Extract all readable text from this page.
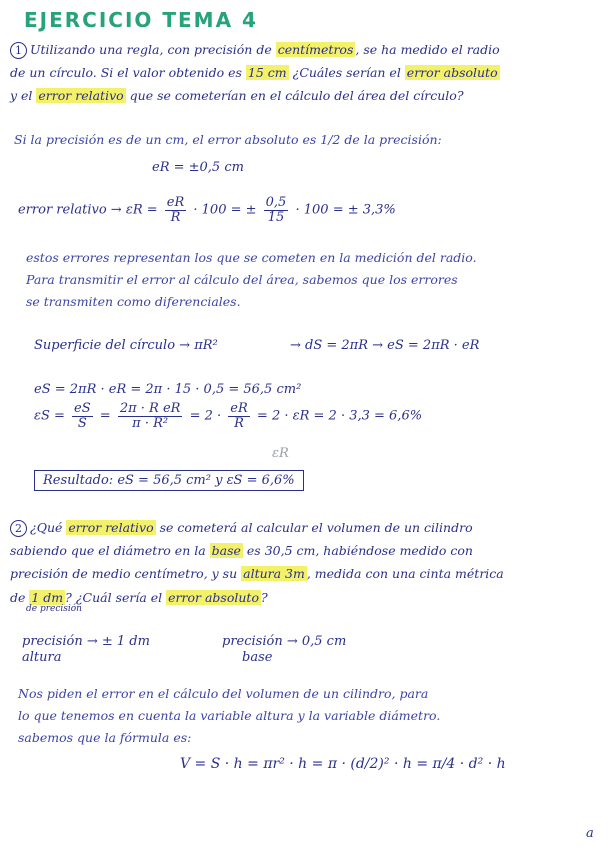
EJERCICIO TEMA 4
1 Utilizando una regla, con precisión de centímetros , se ha medido el radio
de un círculo. Si el valor obtenido es 15 cm ¿Cuáles serían el error absoluto
y el error relativo que se cometerían en el cálculo del área del círculo?
Si la precisión es de un cm, el error absoluto es 1/2 de la precisión:
eR = ±0,5 cm
error relativo → $\varepsilon R = \frac{eR}{R} \cdot 100$ = ± $\frac{0,5}{15} \cdot 100$ = ± 3,3%
estos errores representan los que se cometen en la medición del radio.
Para transmitir el error al cálculo del área, sabemos que los errores
se transmiten como diferenciales.
Superficie del círculo → πR²	→ dS = 2πR → eS = 2πR · eR
eS = 2πR · eR = 2π · 15 · 0,5 = 56,5 cm²
$\varepsilon S = \frac{eS}{S} = \frac{\text{2π · R eR}}{\text{π · R²}} = 2 \cdot \frac{eR}{R} = 2 \cdot \varepsilon R = 2 \cdot 3,3 = 6,6\%$
εR
Resultado: eS = 56,5 cm² y εS = 6,6%
2 ¿Qué error relativo se cometerá al calcular el volumen de un cilindro
sabiendo que el diámetro en la base es 30,5 cm, habiéndose medido con
precisión de medio centímetro, y su altura 3m , medida con una cinta métrica
de 1 dm ? ¿Cuál sería el error absoluto ?
de precisión
precisión → ± 1 dm
altura
precisión → 0,5 cm
base
Nos piden el error en el cálculo del volumen de un cilindro, para
lo que tenemos en cuenta la variable altura y la variable diámetro.
sabemos que la fórmula es:
V = S · h = πr² · h = π · (d/2)² · h = π/4 · d² · h
a
